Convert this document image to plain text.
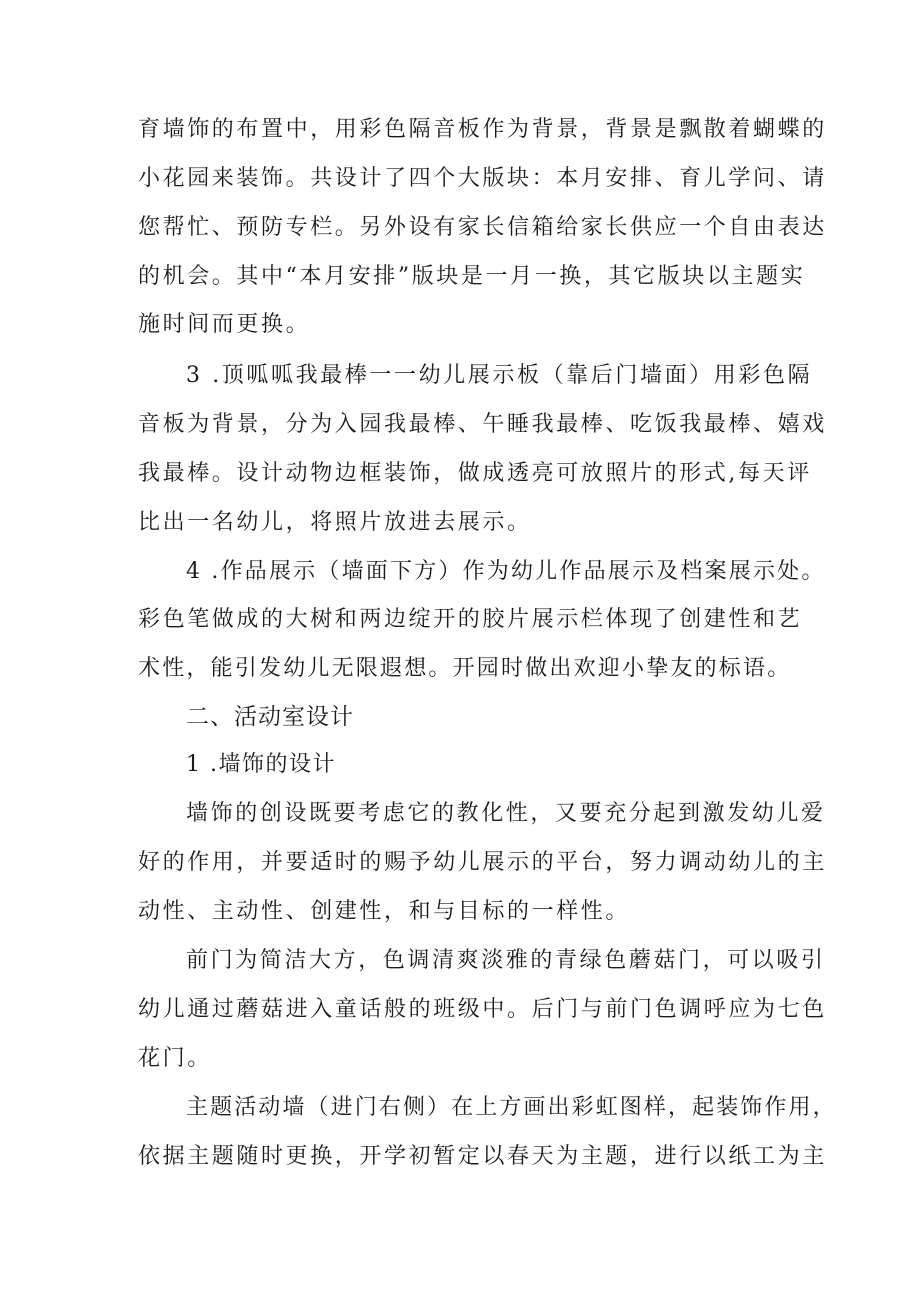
育墙饰的布置中，用彩色隔音板作为背景，背景是飘散着蝴蝶的
小花园来装饰。共设计了四个大版块：本月安排、育儿学问、请
您帮忙、预防专栏。另外设有家长信箱给家长供应一个自由表达
的机会。其中“本月安排”版块是一月一换，其它版块以主题实
施时间而更换。
3 .顶呱呱我最棒一一幼儿展示板（靠后门墙面）用彩色隔
音板为背景，分为入园我最棒、午睡我最棒、吃饭我最棒、嬉戏
我最棒。设计动物边框装饰，做成透亮可放照片的形式,每天评
比出一名幼儿，将照片放进去展示。
4 .作品展示（墙面下方）作为幼儿作品展示及档案展示处。
彩色笔做成的大树和两边绽开的胶片展示栏体现了创建性和艺
术性，能引发幼儿无限遐想。开园时做出欢迎小挚友的标语。
二、活动室设计
1 .墙饰的设计
墙饰的创设既要考虑它的教化性，又要充分起到激发幼儿爱
好的作用，并要适时的赐予幼儿展示的平台，努力调动幼儿的主
动性、主动性、创建性，和与目标的一样性。
前门为简洁大方，色调清爽淡雅的青绿色蘑菇门，可以吸引
幼儿通过蘑菇进入童话般的班级中。后门与前门色调呼应为七色
花门。
主题活动墙（进门右侧）在上方画出彩虹图样，起装饰作用，
依据主题随时更换，开学初暂定以春天为主题，进行以纸工为主
